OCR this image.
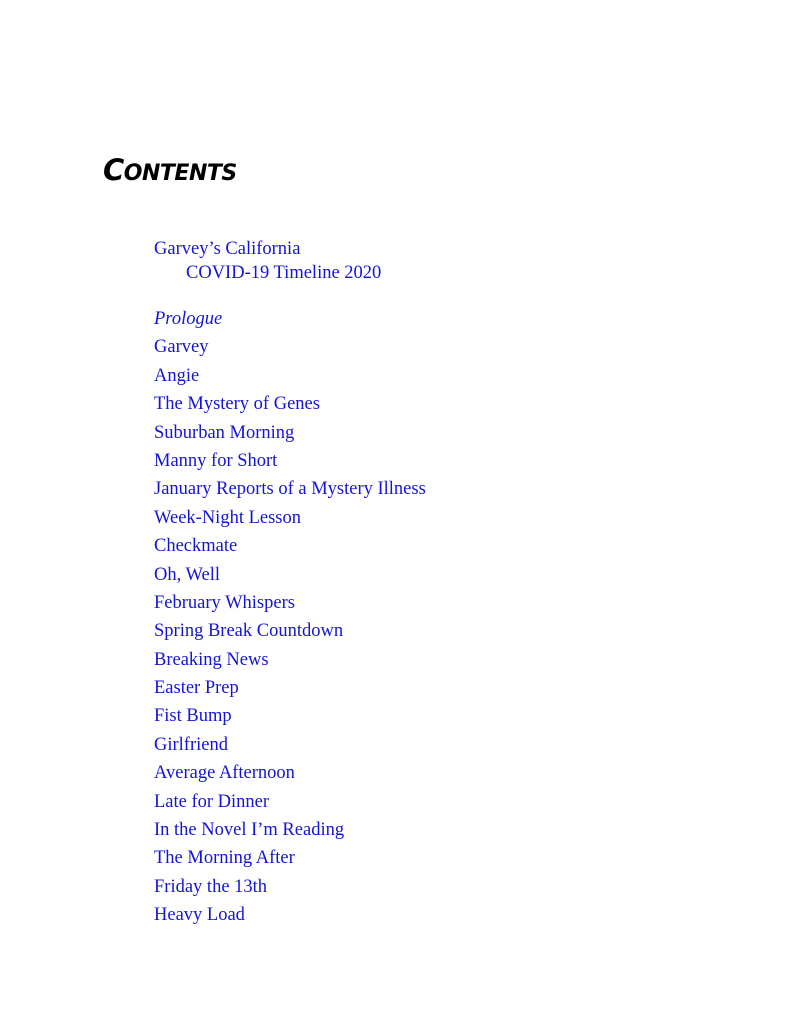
CONTENTS
Garvey’s California
COVID-19 Timeline 2020
Prologue
Garvey
Angie
The Mystery of Genes
Suburban Morning
Manny for Short
January Reports of a Mystery Illness
Week-Night Lesson
Checkmate
Oh, Well
February Whispers
Spring Break Countdown
Breaking News
Easter Prep
Fist Bump
Girlfriend
Average Afternoon
Late for Dinner
In the Novel I’m Reading
The Morning After
Friday the 13th
Heavy Load
